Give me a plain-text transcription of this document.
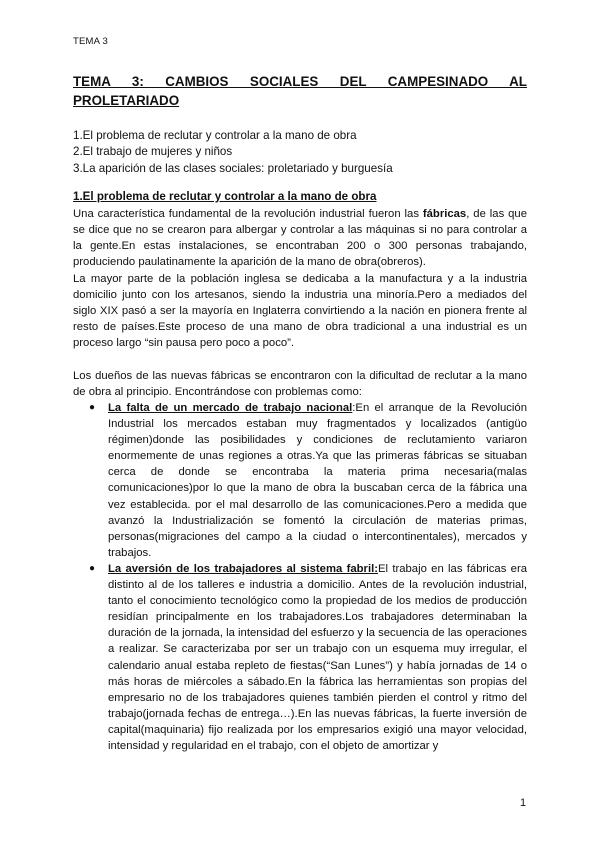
TEMA 3
TEMA 3: CAMBIOS SOCIALES DEL CAMPESINADO AL
PROLETARIADO
1.El problema de reclutar y controlar a la mano de obra
2.El trabajo de mujeres y niños
3.La aparición de las clases sociales: proletariado y burguesía
1.El problema de reclutar y controlar a la mano de obra
Una característica fundamental de la revolución industrial fueron las fábricas, de las que se dice que no se crearon para albergar y controlar a las máquinas si no para controlar a la gente.En estas instalaciones, se encontraban 200 o 300 personas trabajando, produciendo paulatinamente la aparición de la mano de obra(obreros).
La mayor parte de la población inglesa se dedicaba a la manufactura y a la industria domicilio junto con los artesanos, siendo la industria una minoría.Pero a mediados del siglo XIX pasó a ser la mayoría en Inglaterra convirtiendo a la nación en pionera frente al resto de países.Este proceso de una mano de obra tradicional a una industrial es un proceso largo “sin pausa pero poco a poco”.
Los dueños de las nuevas fábricas se encontraron con la dificultad de reclutar a la mano de obra al principio. Encontrándose con problemas como:
● La falta de un mercado de trabajo nacional:En el arranque de la Revolución Industrial los mercados estaban muy fragmentados y localizados (antigüo régimen)donde las posibilidades y condiciones de reclutamiento variaron enormemente de unas regiones a otras.Ya que las primeras fábricas se situaban cerca de donde se encontraba la materia prima necesaria(malas comunicaciones)por lo que la mano de obra la buscaban cerca de la fábrica una vez establecida. por el mal desarrollo de las comunicaciones.Pero a medida que avanzó la Industrialización se fomentó la circulación de materias primas, personas(migraciones del campo a la ciudad o intercontinentales), mercados y trabajos.
● La aversión de los trabajadores al sistema fabril:El trabajo en las fábricas era distinto al de los talleres e industria a domicilio. Antes de la revolución industrial, tanto el conocimiento tecnológico como la propiedad de los medios de producción residían principalmente en los trabajadores.Los trabajadores determinaban la duración de la jornada, la intensidad del esfuerzo y la secuencia de las operaciones a realizar. Se caracterizaba por ser un trabajo con un esquema muy irregular, el calendario anual estaba repleto de fiestas(“San Lunes”) y había jornadas de 14 o más horas de miércoles a sábado.En la fábrica las herramientas son propias del empresario no de los trabajadores quienes también pierden el control y ritmo del trabajo(jornada fechas de entrega…).En las nuevas fábricas, la fuerte inversión de capital(maquinaria) fijo realizada por los empresarios exigió una mayor velocidad, intensidad y regularidad en el trabajo, con el objeto de amortizar y
1
